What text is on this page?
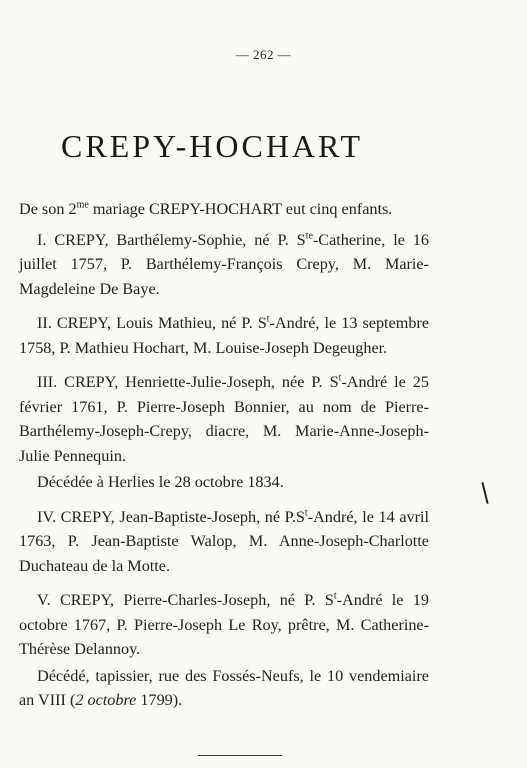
— 262 —
CREPY-HOCHART

De son $2^{me}$ mariage CREPY-HOCHART eut cinq enfants.

I. CREPY, Barthélemy-Sophie, né P. $S^{te}$-Catherine, le 16 juillet 1757, P. Barthélemy-François Crepy, M. Marie-Magdeleine De Baye.

II. CREPY, Louis Mathieu, né P. $S^t$-André, le 13 septembre 1758, P. Mathieu Hochart, M. Louise-Joseph Degeugher.

III. CREPY, Henriette-Julie-Joseph, née P. $S^t$-André le 25 février 1761, P. Pierre-Joseph Bonnier, au nom de Pierre-Barthélemy-Joseph-Crepy, diacre, M. Marie-Anne-Joseph-Julie Pennequin.

Décédée à Herlies le 28 octobre 1834.

IV. CREPY, Jean-Baptiste-Joseph, né $P.S^t$-André, le 14 avril 1763, P. Jean-Baptiste Walop, M. Anne-Joseph-Charlotte Duchateau de la Motte.

V. CREPY, Pierre-Charles-Joseph, né P. $S^t$-André le 19 octobre 1767, P. Pierre-Joseph Le Roy, prêtre, M. Catherine-Thérèse Delannoy.

Décédé, tapissier, rue des Fossés-Neufs, le 10 vendemiaire an VIII (2 octobre 1799).
